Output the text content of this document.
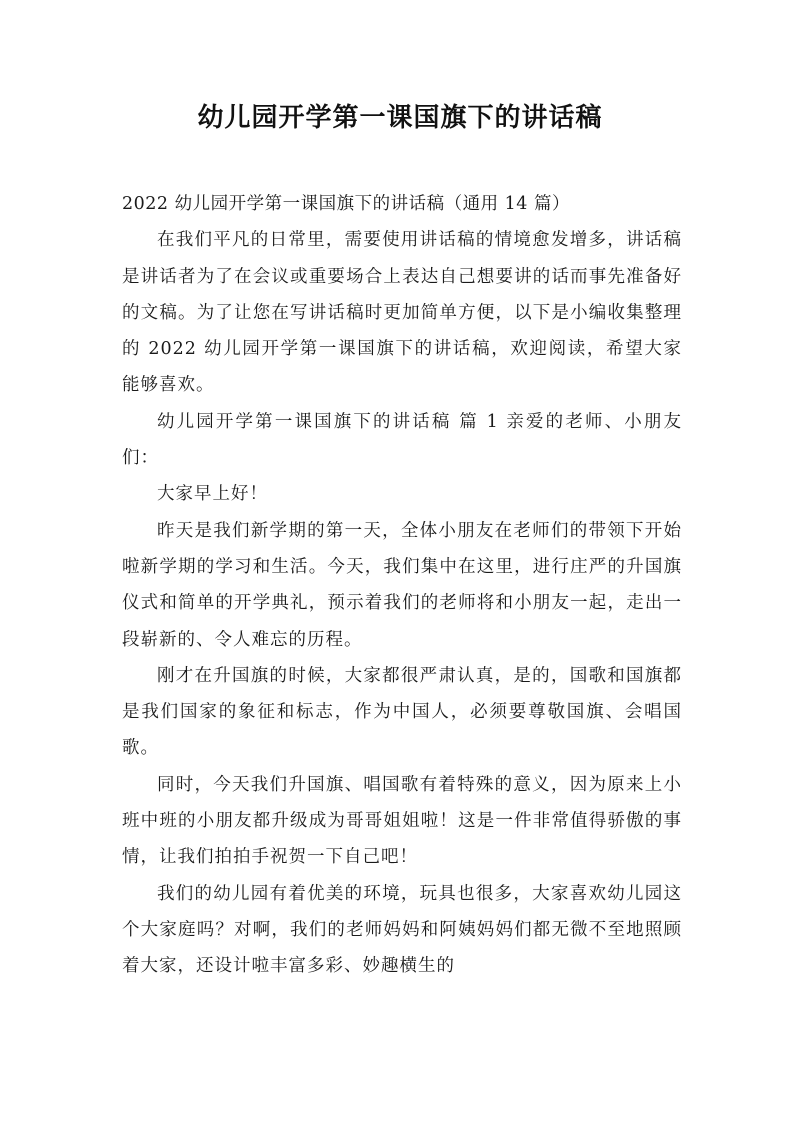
幼儿园开学第一课国旗下的讲话稿

2022 幼儿园开学第一课国旗下的讲话稿（通用 14 篇）

在我们平凡的日常里，需要使用讲话稿的情境愈发增多，讲话稿是讲话者为了在会议或重要场合上表达自己想要讲的话而事先准备好的文稿。为了让您在写讲话稿时更加简单方便，以下是小编收集整理的 2022 幼儿园开学第一课国旗下的讲话稿，欢迎阅读，希望大家能够喜欢。

幼儿园开学第一课国旗下的讲话稿 篇 1 亲爱的老师、小朋友们：

大家早上好！

昨天是我们新学期的第一天，全体小朋友在老师们的带领下开始啦新学期的学习和生活。今天，我们集中在这里，进行庄严的升国旗仪式和简单的开学典礼，预示着我们的老师将和小朋友一起，走出一段崭新的、令人难忘的历程。

刚才在升国旗的时候，大家都很严肃认真，是的，国歌和国旗都是我们国家的象征和标志，作为中国人，必须要尊敬国旗、会唱国歌。

同时，今天我们升国旗、唱国歌有着特殊的意义，因为原来上小班中班的小朋友都升级成为哥哥姐姐啦！这是一件非常值得骄傲的事情，让我们拍拍手祝贺一下自己吧！

我们的幼儿园有着优美的环境，玩具也很多，大家喜欢幼儿园这个大家庭吗？对啊，我们的老师妈妈和阿姨妈妈们都无微不至地照顾着大家，还设计啦丰富多彩、妙趣横生的
